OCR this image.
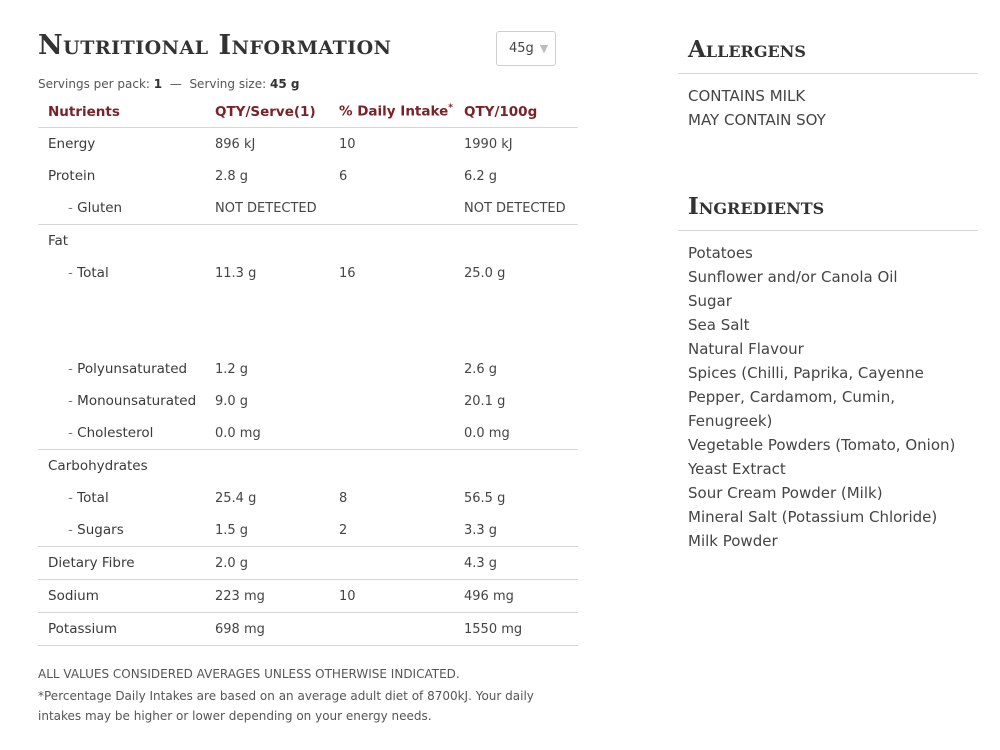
Nutritional Information	45g ▼
Servings per pack: 1 — Serving size: 45 g
Nutrients	QTY/Serve(1)	% Daily Intake*	QTY/100g
Energy	896 kJ	10	1990 kJ
Protein	2.8 g	6	6.2 g
- Gluten	NOT DETECTED		NOT DETECTED
Fat			
- Total	11.3 g	16	25.0 g

- Polyunsaturated	1.2 g		2.6 g
- Monounsaturated	9.0 g		20.1 g
- Cholesterol	0.0 mg		0.0 mg
Carbohydrates			
- Total	25.4 g	8	56.5 g
- Sugars	1.5 g	2	3.3 g
Dietary Fibre	2.0 g		4.3 g
Sodium	223 mg	10	496 mg
Potassium	698 mg		1550 mg
ALL VALUES CONSIDERED AVERAGES UNLESS OTHERWISE INDICATED.
*Percentage Daily Intakes are based on an average adult diet of 8700kJ. Your daily intakes may be higher or lower depending on your energy needs.
Allergens
CONTAINS MILK
MAY CONTAIN SOY
Ingredients
Potatoes
Sunflower and/or Canola Oil
Sugar
Sea Salt
Natural Flavour
Spices (Chilli, Paprika, Cayenne Pepper, Cardamom, Cumin, Fenugreek)
Vegetable Powders (Tomato, Onion)
Yeast Extract
Sour Cream Powder (Milk)
Mineral Salt (Potassium Chloride)
Milk Powder
